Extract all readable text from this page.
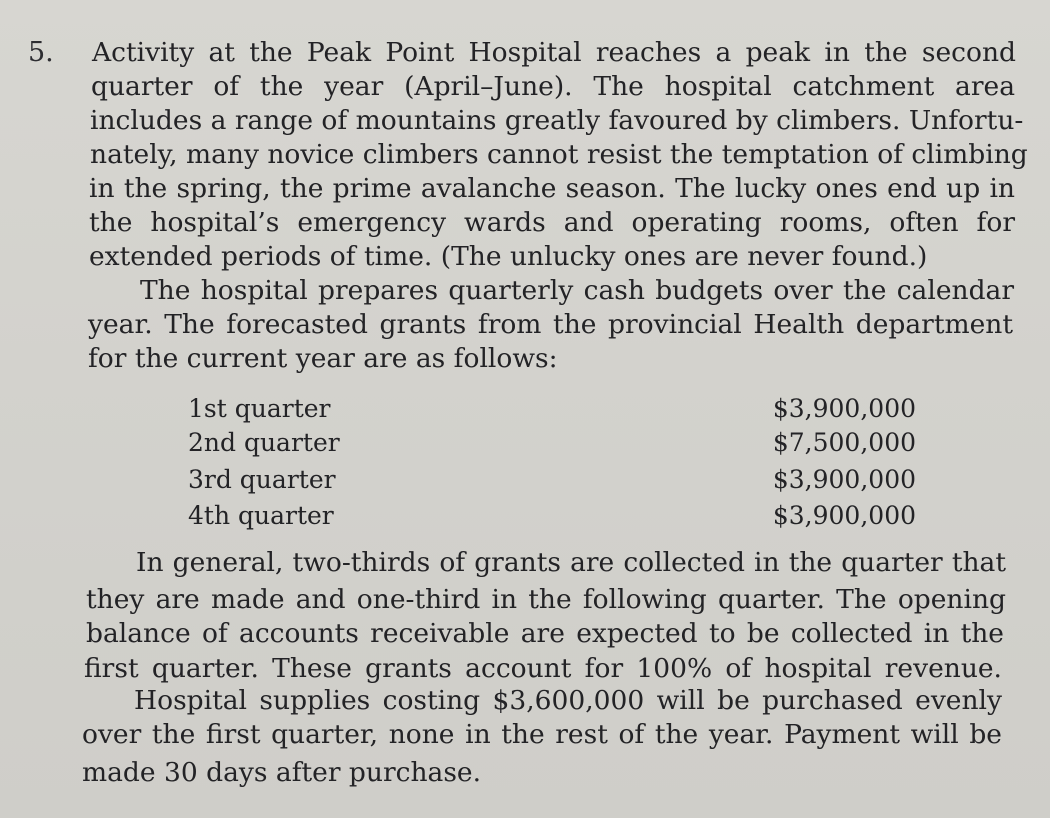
5. Activity at the Peak Point Hospital reaches a peak in the second
quarter of the year (April–June). The hospital catchment area
includes a range of mountains greatly favoured by climbers. Unfortu-
nately, many novice climbers cannot resist the temptation of climbing
in the spring, the prime avalanche season. The lucky ones end up in
the hospital’s emergency wards and operating rooms, often for
extended periods of time. (The unlucky ones are never found.)
The hospital prepares quarterly cash budgets over the calendar
year. The forecasted grants from the provincial Health department
for the current year are as follows:
1st quarter	$3,900,000
2nd quarter	$7,500,000
3rd quarter	$3,900,000
4th quarter	$3,900,000
In general, two-thirds of grants are collected in the quarter that
they are made and one-third in the following quarter. The opening
balance of accounts receivable are expected to be collected in the
first quarter. These grants account for 100% of hospital revenue.
Hospital supplies costing $3,600,000 will be purchased evenly
over the first quarter, none in the rest of the year. Payment will be
made 30 days after purchase.
